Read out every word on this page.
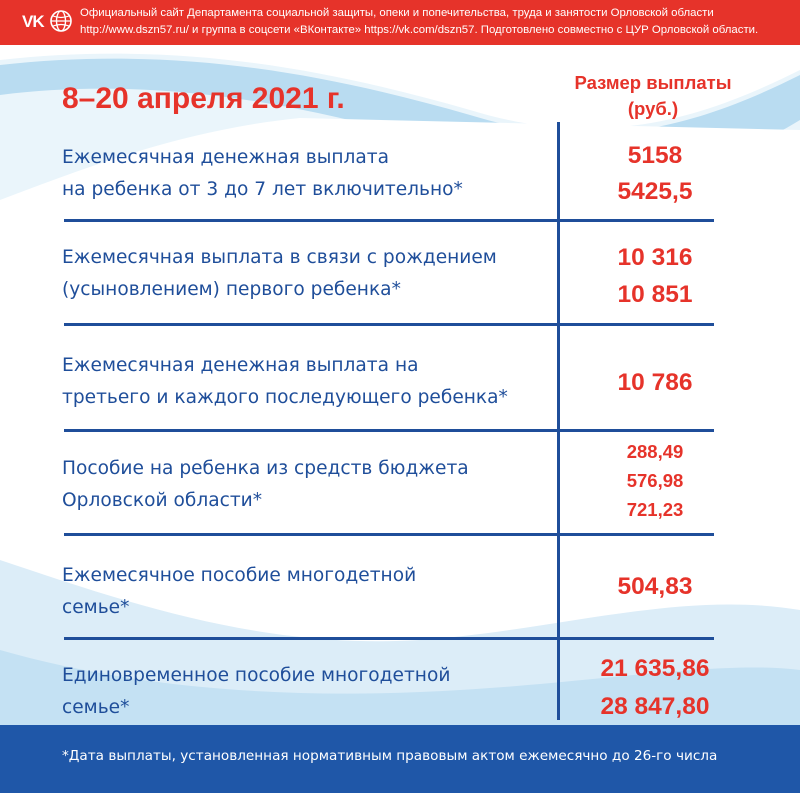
VK	Официальный сайт Департамента социальной защиты, опеки и попечительства, труда и занятости Орловской области
http://www.dszn57.ru/ и группа в соцсети «ВКонтакте» https://vk.com/dszn57. Подготовлено совместно с ЦУР Орловской области.
8–20 апреля 2021 г.	Размер выплаты
(руб.)
Ежемесячная денежная выплата
на ребенка от 3 до 7 лет включительно*
5158
5425,5
Ежемесячная выплата в связи с рождением
(усыновлением) первого ребенка*
10 316
10 851
Ежемесячная денежная выплата на
третьего и каждого последующего ребенка*
10 786
Пособие на ребенка из средств бюджета
Орловской области*
288,49
576,98
721,23
Ежемесячное пособие многодетной
семье*
504,83
Единовременное пособие многодетной
семье*
21 635,86
28 847,80
*Дата выплаты, установленная нормативным правовым актом ежемесячно до 26-го числа
